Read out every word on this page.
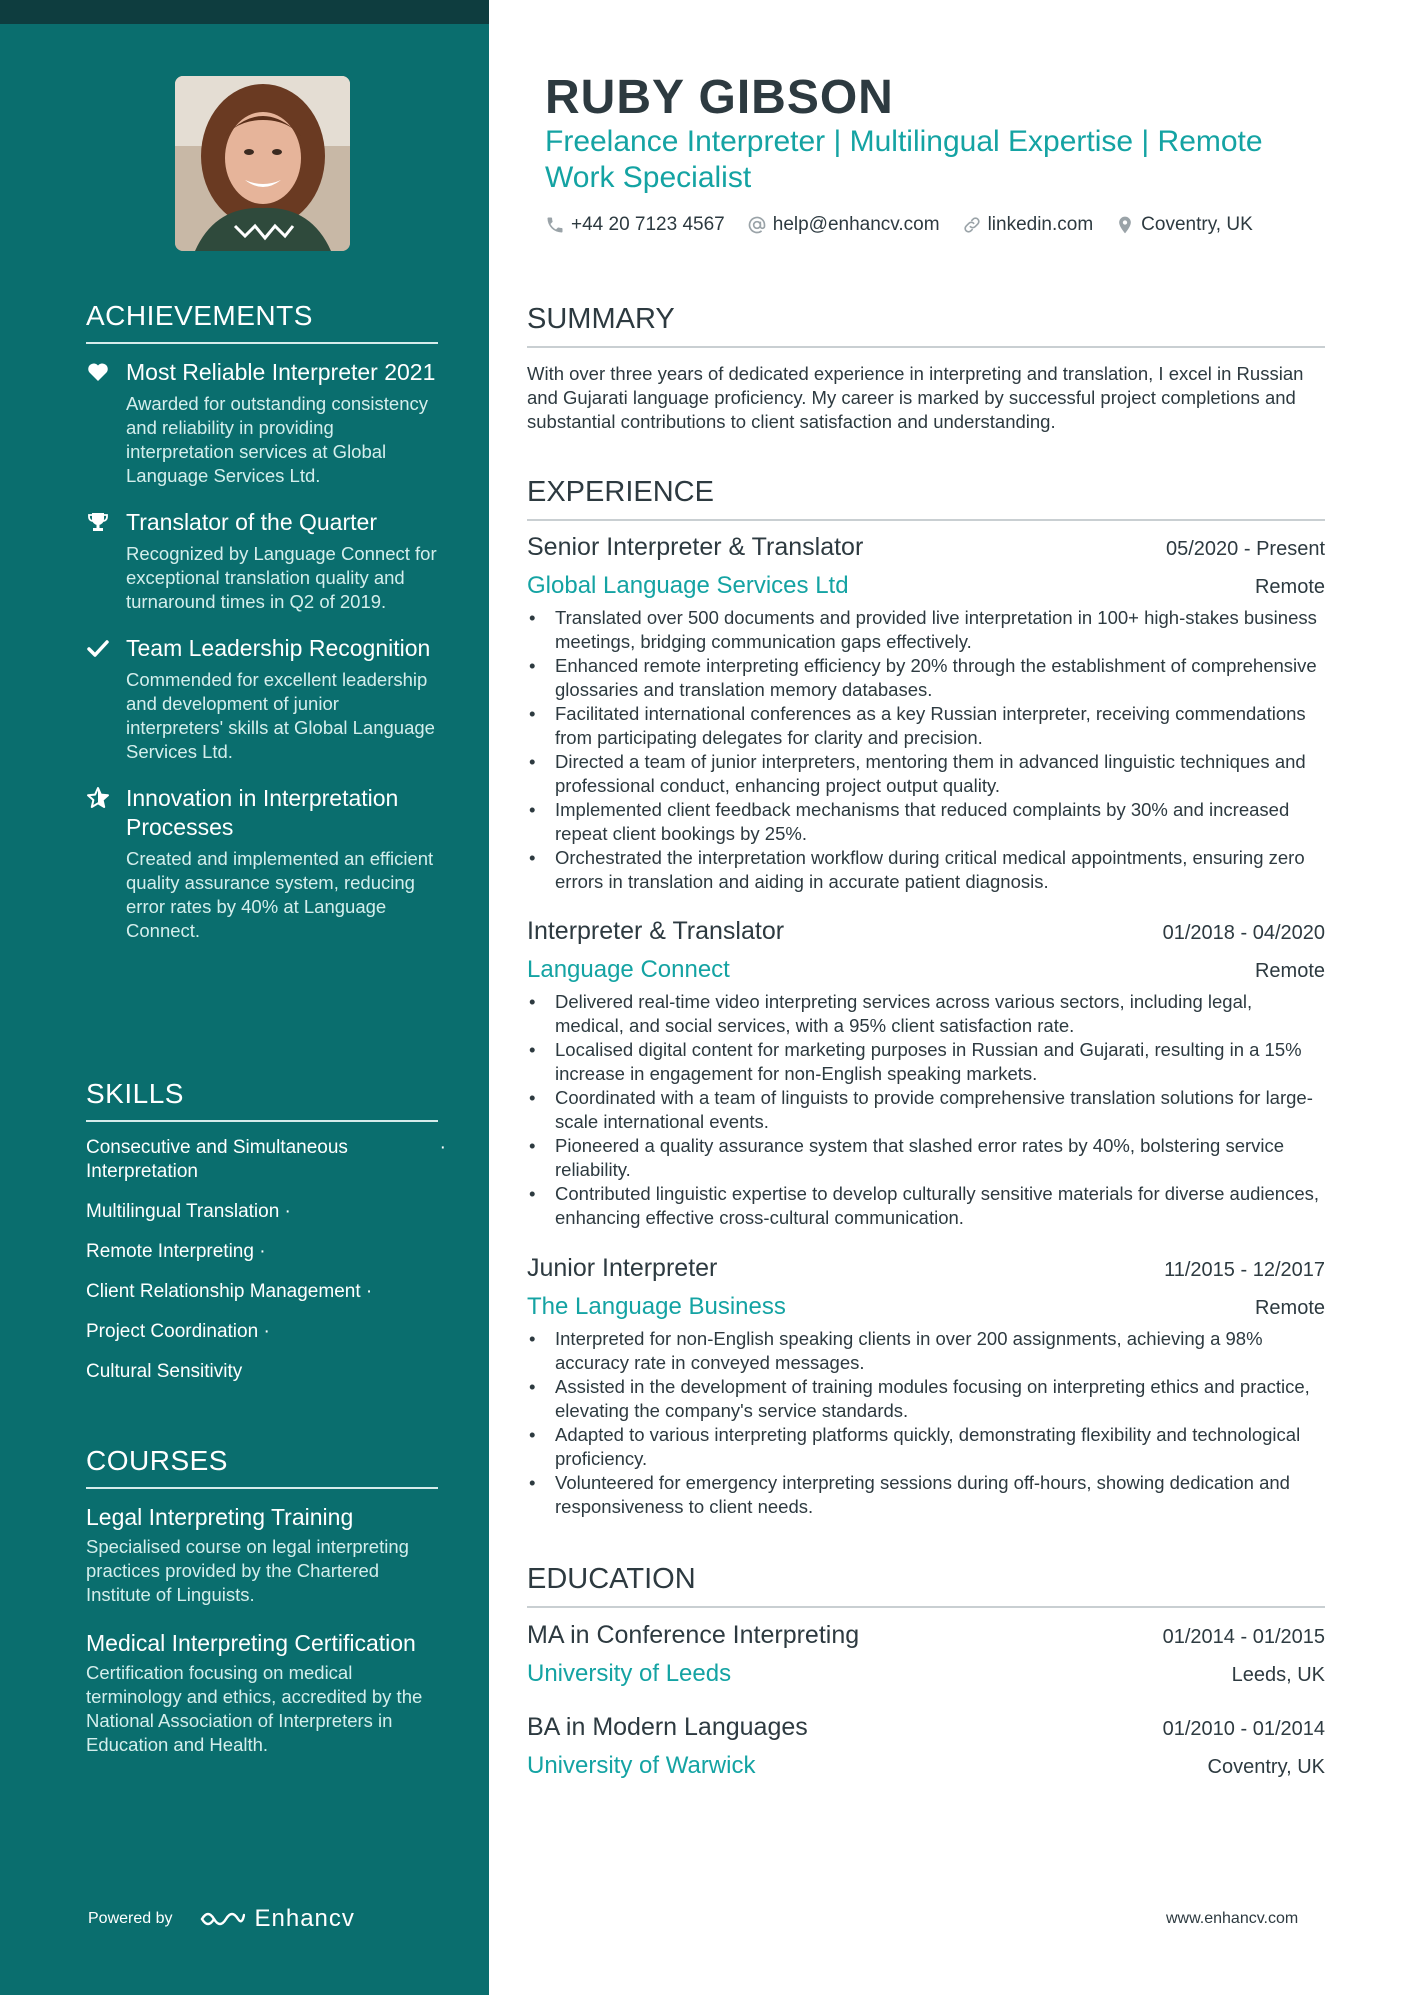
ACHIEVEMENTS
Most Reliable Interpreter 2021
Awarded for outstanding consistency and reliability in providing interpretation services at Global Language Services Ltd.
Translator of the Quarter
Recognized by Language Connect for exceptional translation quality and turnaround times in Q2 of 2019.
Team Leadership Recognition
Commended for excellent leadership and development of junior interpreters' skills at Global Language Services Ltd.
Innovation in Interpretation Processes
Created and implemented an efficient quality assurance system, reducing error rates by 40% at Language Connect.
SKILLS
Consecutive and Simultaneous Interpretation
·
Multilingual Translation ·
Remote Interpreting ·
Client Relationship Management ·
Project Coordination ·
Cultural Sensitivity
COURSES
Legal Interpreting Training
Specialised course on legal interpreting practices provided by the Chartered Institute of Linguists.
Medical Interpreting Certification
Certification focusing on medical terminology and ethics, accredited by the National Association of Interpreters in Education and Health.
Powered by	Enhancv
RUBY GIBSON
Freelance Interpreter | Multilingual Expertise | Remote Work Specialist
+44 20 7123 4567	help@enhancv.com	linkedin.com	Coventry, UK
SUMMARY
With over three years of dedicated experience in interpreting and translation, I excel in Russian and Gujarati language proficiency. My career is marked by successful project completions and substantial contributions to client satisfaction and understanding.
EXPERIENCE
Senior Interpreter & Translator	05/2020 - Present
Global Language Services Ltd	Remote
• Translated over 500 documents and provided live interpretation in 100+ high-stakes business meetings, bridging communication gaps effectively.
• Enhanced remote interpreting efficiency by 20% through the establishment of comprehensive glossaries and translation memory databases.
• Facilitated international conferences as a key Russian interpreter, receiving commendations from participating delegates for clarity and precision.
• Directed a team of junior interpreters, mentoring them in advanced linguistic techniques and professional conduct, enhancing project output quality.
• Implemented client feedback mechanisms that reduced complaints by 30% and increased repeat client bookings by 25%.
• Orchestrated the interpretation workflow during critical medical appointments, ensuring zero errors in translation and aiding in accurate patient diagnosis.
Interpreter & Translator	01/2018 - 04/2020
Language Connect	Remote
• Delivered real-time video interpreting services across various sectors, including legal, medical, and social services, with a 95% client satisfaction rate.
• Localised digital content for marketing purposes in Russian and Gujarati, resulting in a 15% increase in engagement for non-English speaking markets.
• Coordinated with a team of linguists to provide comprehensive translation solutions for large-scale international events.
• Pioneered a quality assurance system that slashed error rates by 40%, bolstering service reliability.
• Contributed linguistic expertise to develop culturally sensitive materials for diverse audiences, enhancing effective cross-cultural communication.
Junior Interpreter	11/2015 - 12/2017
The Language Business	Remote
• Interpreted for non-English speaking clients in over 200 assignments, achieving a 98% accuracy rate in conveyed messages.
• Assisted in the development of training modules focusing on interpreting ethics and practice, elevating the company's service standards.
• Adapted to various interpreting platforms quickly, demonstrating flexibility and technological proficiency.
• Volunteered for emergency interpreting sessions during off-hours, showing dedication and responsiveness to client needs.
EDUCATION
MA in Conference Interpreting	01/2014 - 01/2015
University of Leeds	Leeds, UK
BA in Modern Languages	01/2010 - 01/2014
University of Warwick	Coventry, UK
www.enhancv.com
